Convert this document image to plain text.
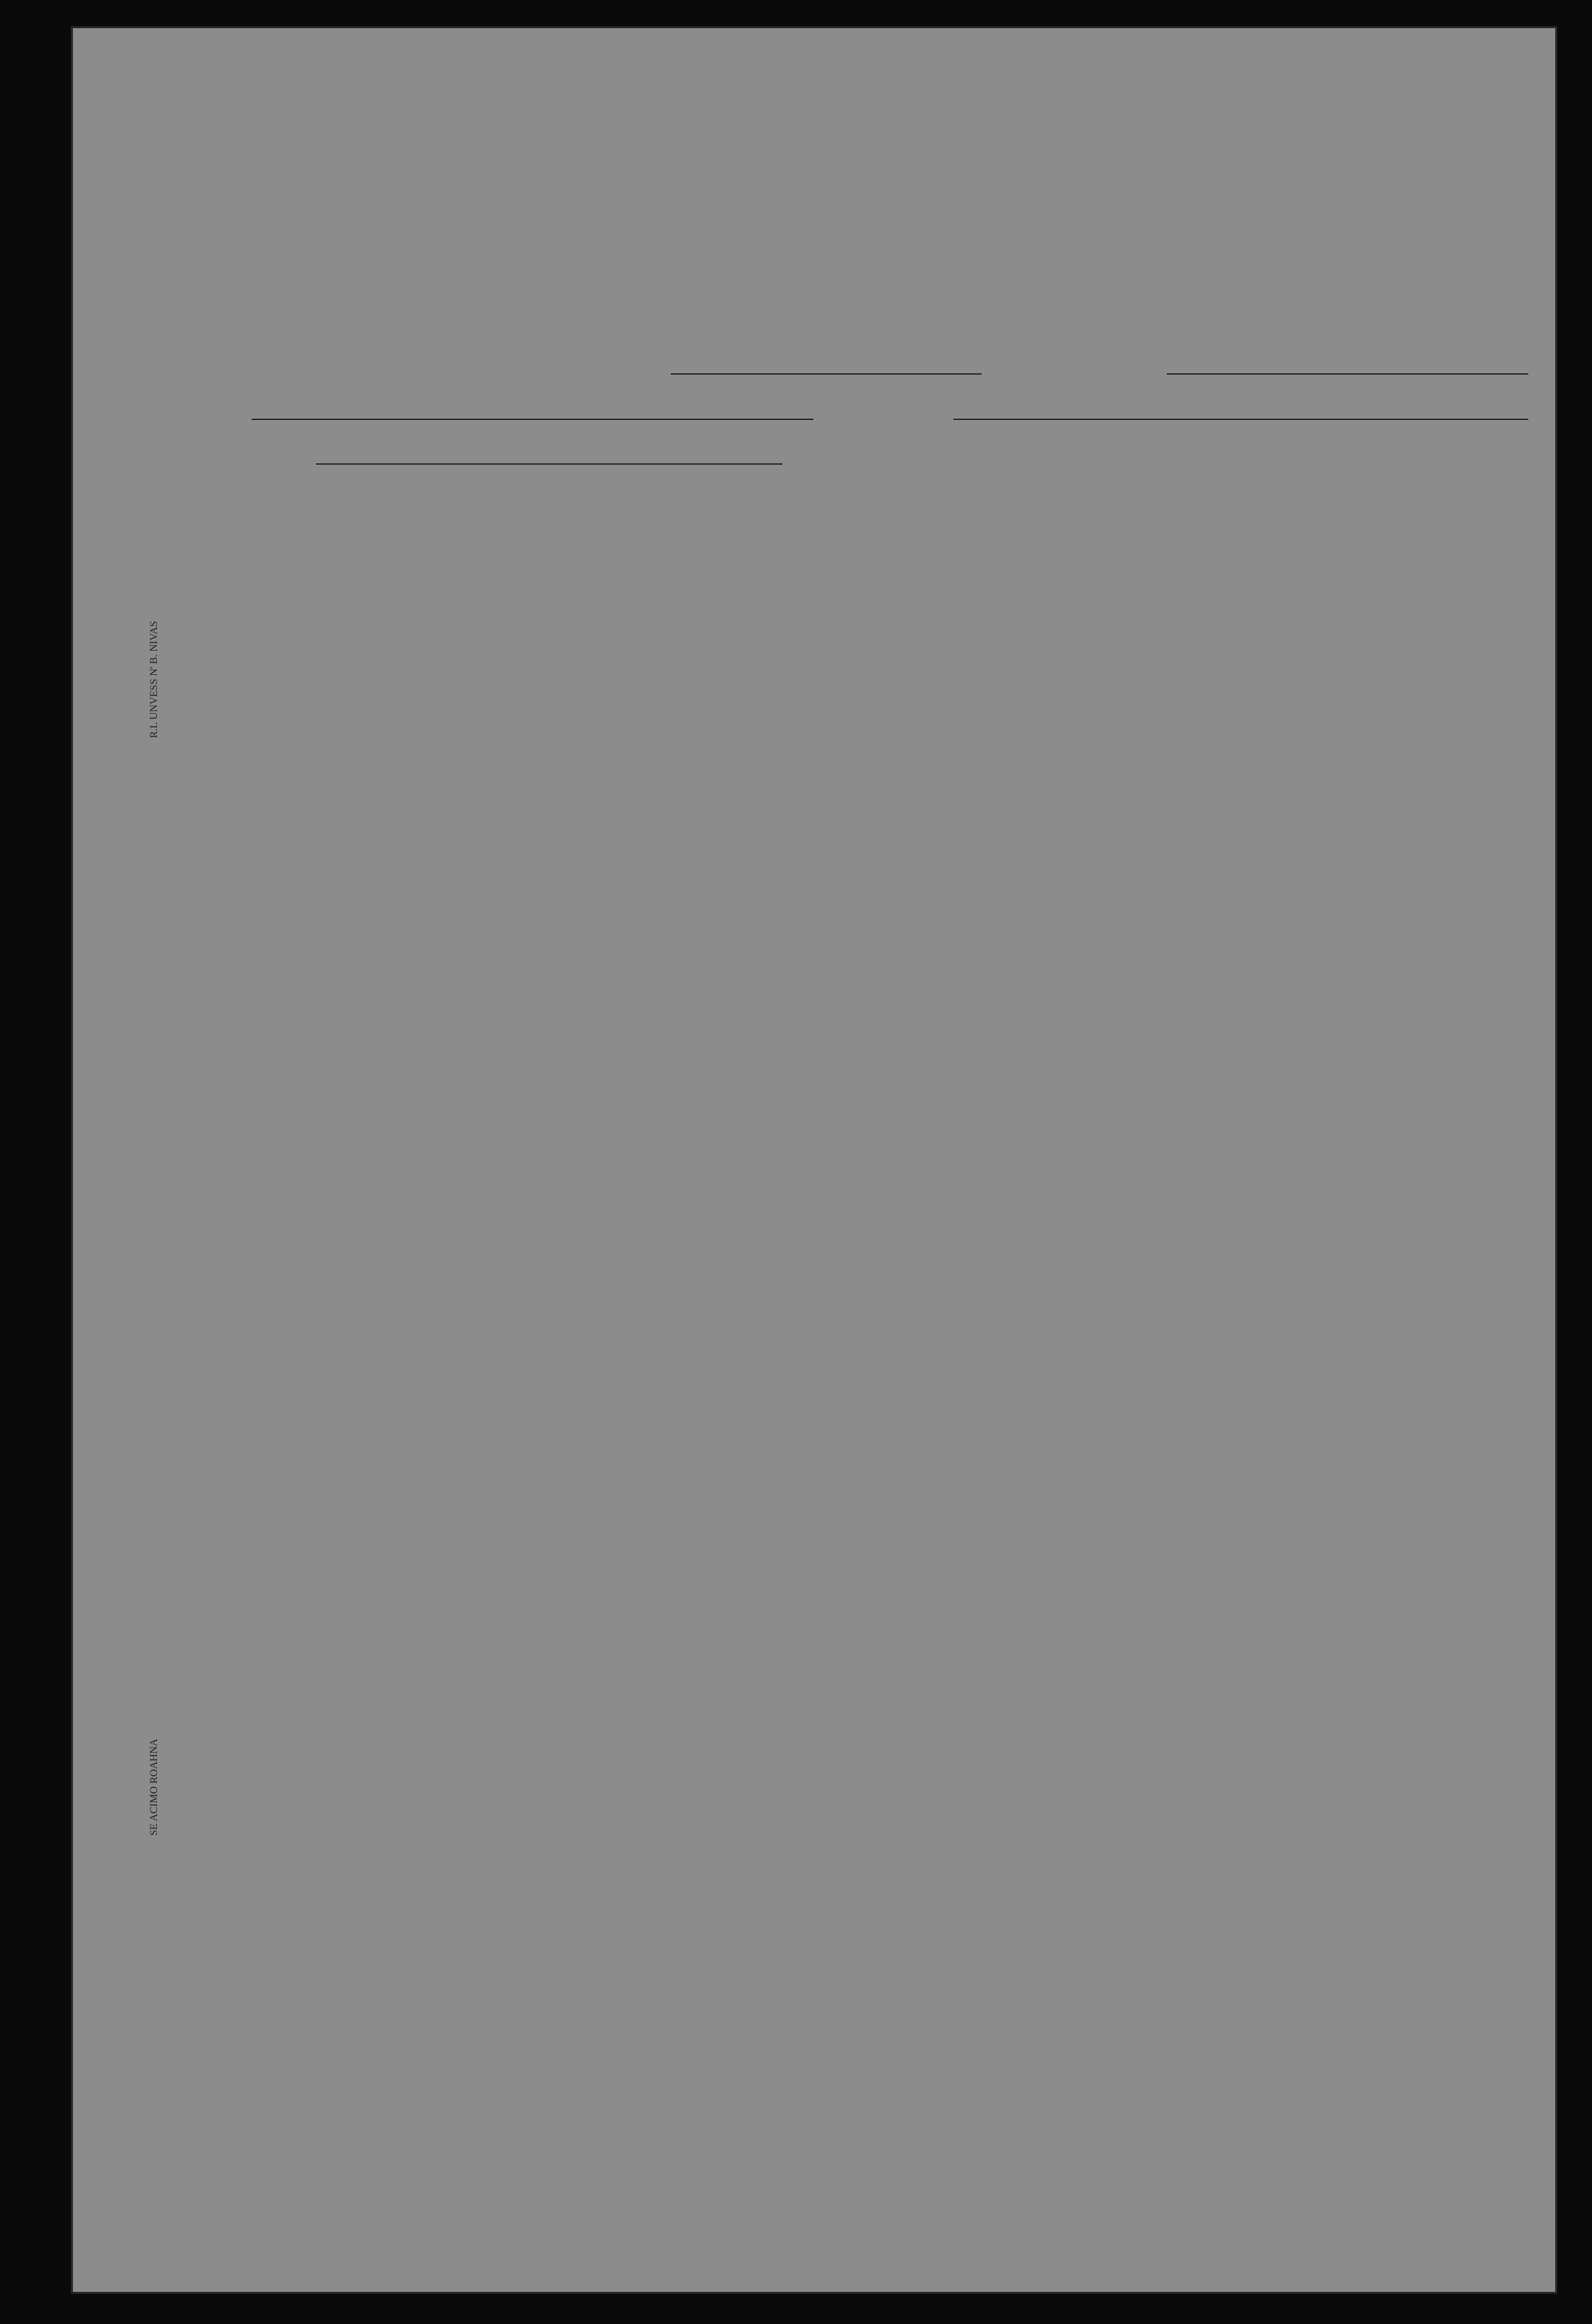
R.I. UNVESS N' B. NIVAS
SE ACIMO ROAHNA
